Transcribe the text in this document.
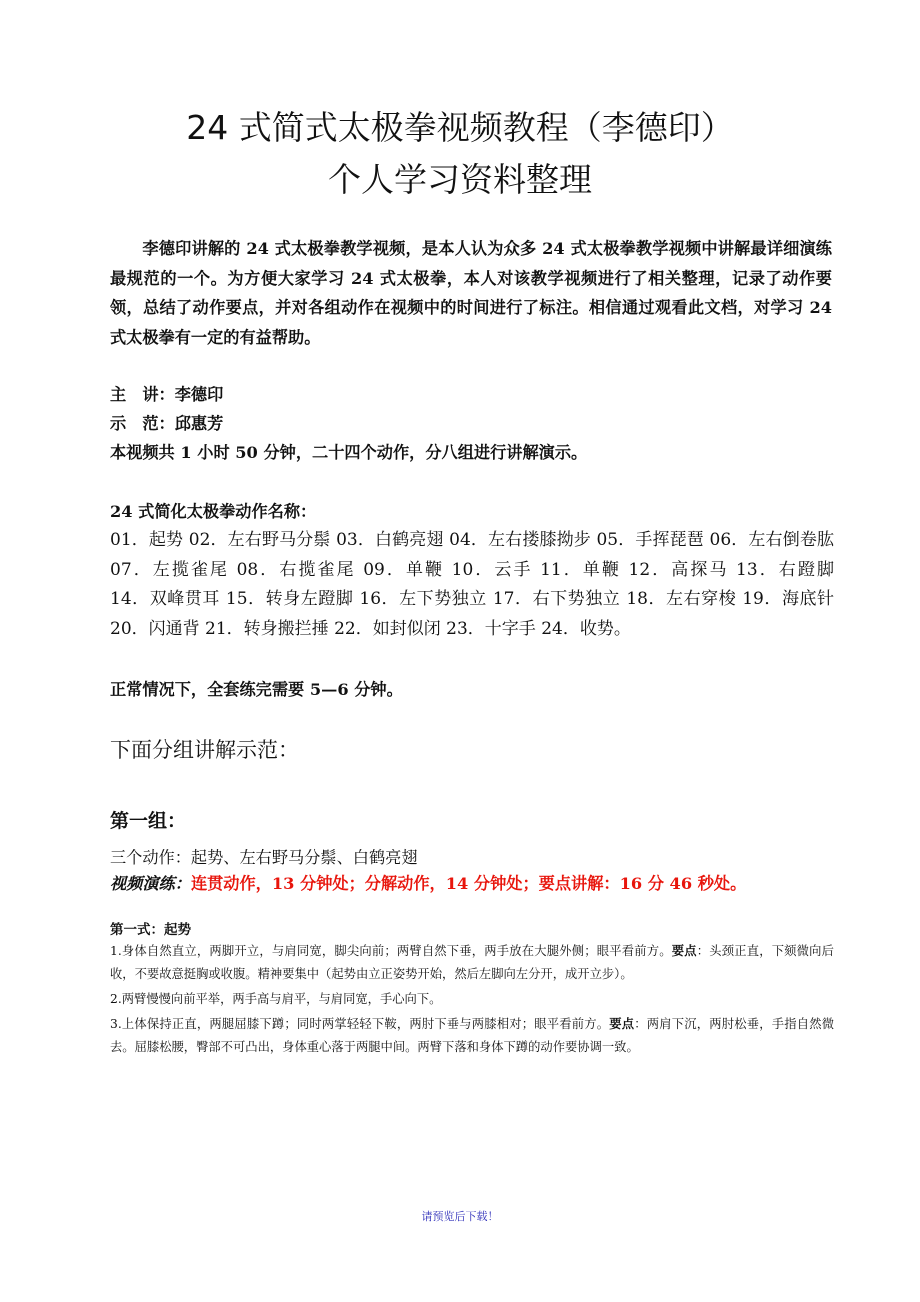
24 式简式太极拳视频教程（李德印）
个人学习资料整理
李德印讲解的 24 式太极拳教学视频，是本人认为众多 24 式太极拳教学视频中讲解最详细演练最规范的一个。为方便大家学习 24 式太极拳，本人对该教学视频进行了相关整理，记录了动作要领，总结了动作要点，并对各组动作在视频中的时间进行了标注。相信通过观看此文档，对学习 24 式太极拳有一定的有益帮助。
主　讲：李德印
示　范：邱惠芳
本视频共 1 小时 50 分钟，二十四个动作，分八组进行讲解演示。
24 式简化太极拳动作名称：
01．起势 02．左右野马分鬃 03．白鹤亮翅 04．左右搂膝拗步 05．手挥琵琶 06．左右倒卷肱 07．左揽雀尾 08．右揽雀尾 09．单鞭 10．云手 11．单鞭 12．高探马 13．右蹬脚 14．双峰贯耳 15．转身左蹬脚 16．左下势独立 17．右下势独立 18．左右穿梭 19．海底针 20．闪通背 21．转身搬拦捶 22．如封似闭 23．十字手 24．收势。
正常情况下，全套练完需要 5—6 分钟。
下面分组讲解示范：
第一组：
三个动作：起势、左右野马分鬃、白鹤亮翅
视频演练：连贯动作，13 分钟处；分解动作，14 分钟处；要点讲解：16 分 46 秒处。
第一式：起势
1.身体自然直立，两脚开立，与肩同宽，脚尖向前；两臂自然下垂，两手放在大腿外侧；眼平看前方。要点：头颈正直，下颏微向后收，不要故意挺胸或收腹。精神要集中（起势由立正姿势开始，然后左脚向左分开，成开立步）。
2.两臂慢慢向前平举，两手高与肩平，与肩同宽，手心向下。
3.上体保持正直，两腿屈膝下蹲；同时两掌轻轻下鞍，两肘下垂与两膝相对；眼平看前方。要点：两肩下沉，两肘松垂，手指自然微去。屈膝松腰，臀部不可凸出，身体重心落于两腿中间。两臂下落和身体下蹲的动作要协调一致。
请预览后下载！
